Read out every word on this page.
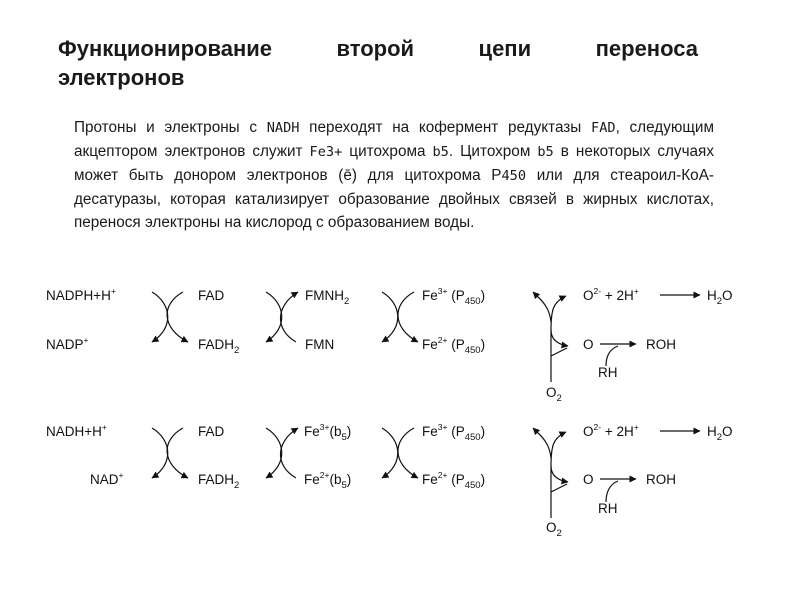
Функционирование	второй	цепи	переноса
электронов

Протоны и электроны с NADH переходят на кофермент редуктазы FAD, следующим акцептором электронов служит Fe3+ цитохрома b5. Цитохром b5 в некоторых случаях может быть донором электронов (ē) для цитохрома Р450 или для стеароил-КоА-десатуразы, которая катализирует образование двойных связей в жирных кислотах, перенося электроны на кислород с образованием воды.

NADPH+H+
NADP+
FAD
$FADH_2$
$FMNH_2$
FMN
$Fe^{3+}$ $(P_{450})$
$Fe^{2+}$ $(P_{450})$
$O^{2-} + 2H^+$	$H_2O$
O	ROH
RH
$O_2$
NADH+H+
NAD+
FAD
$FADH_2$
$Fe^{3+}(b_5)$
$Fe^{2+}(b_5)$
$Fe^{3+}$ $(P_{450})$
$Fe^{2+}$ $(P_{450})$
$O^{2-} + 2H^+$	$H_2O$
O	ROH
RH
$O_2$
